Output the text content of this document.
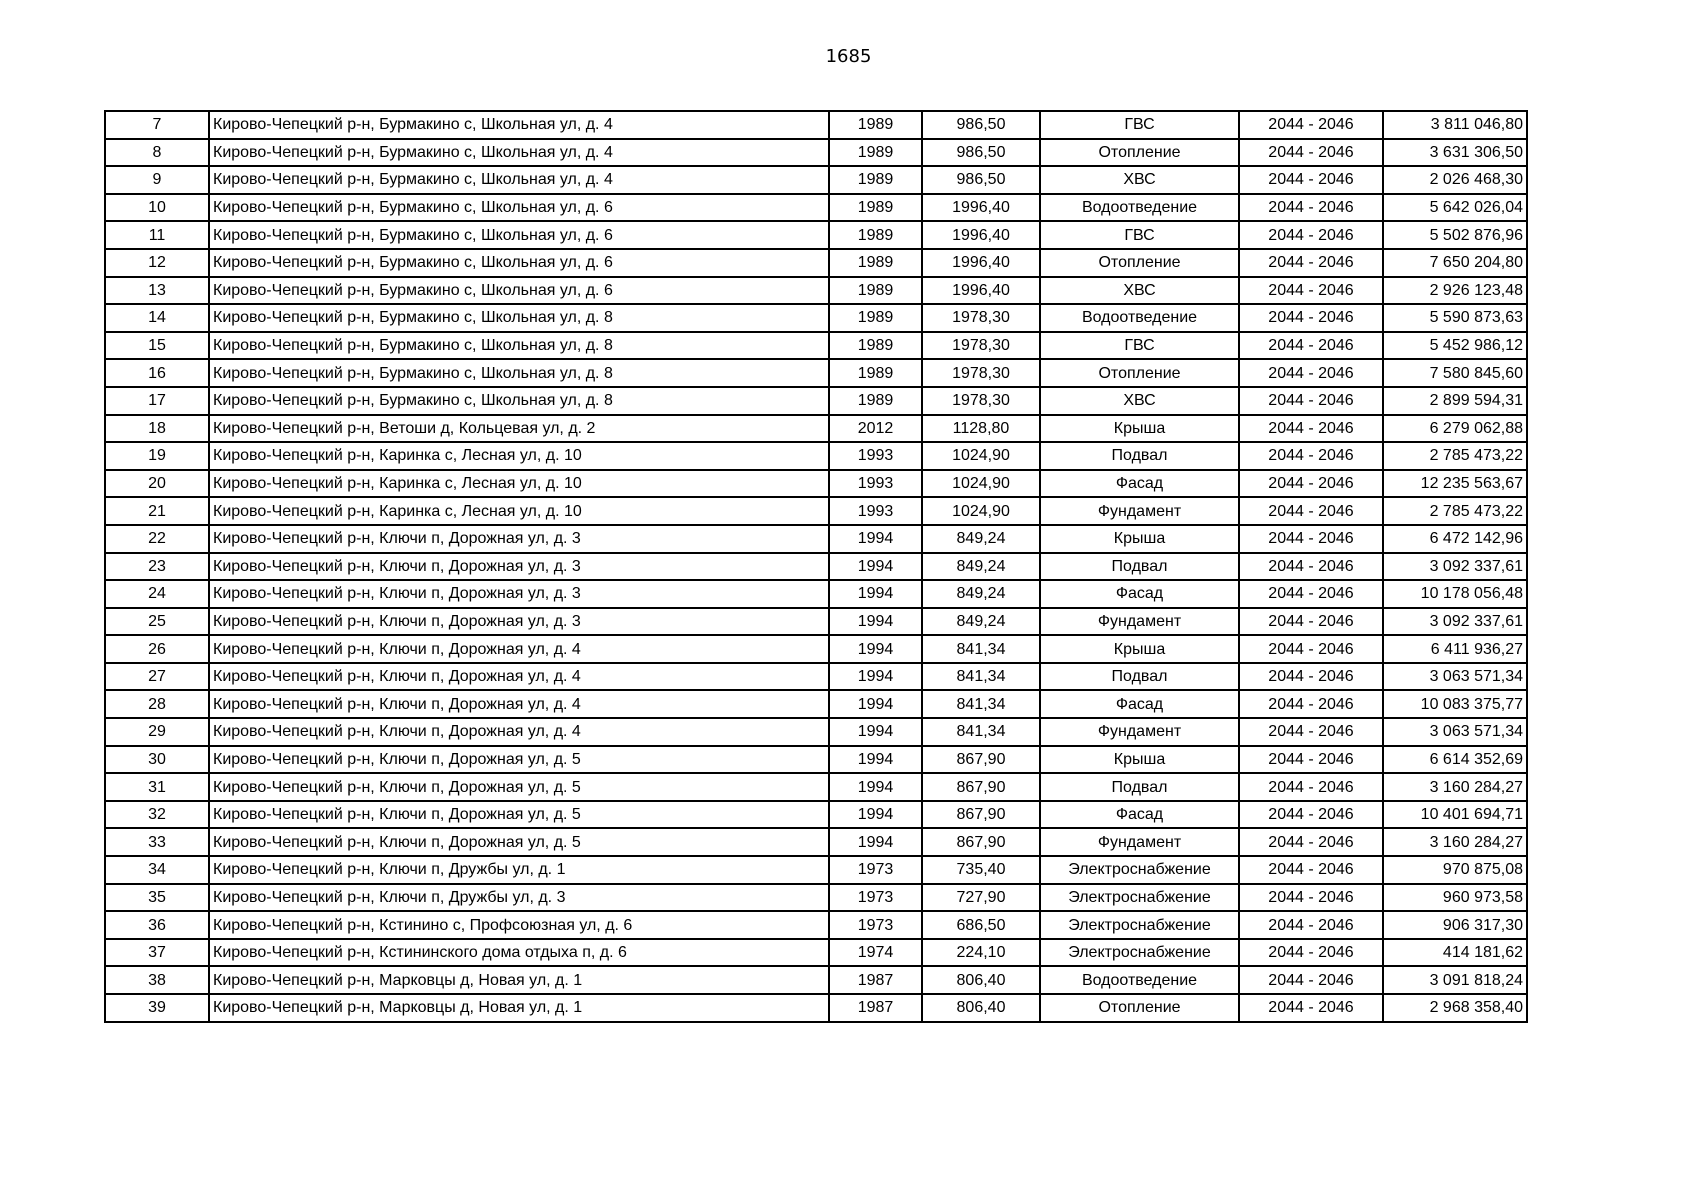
1685
7	Кирово-Чепецкий р-н, Бурмакино с, Школьная ул, д. 4	1989	986,50	ГВС	2044 - 2046	3 811 046,80
8	Кирово-Чепецкий р-н, Бурмакино с, Школьная ул, д. 4	1989	986,50	Отопление	2044 - 2046	3 631 306,50
9	Кирово-Чепецкий р-н, Бурмакино с, Школьная ул, д. 4	1989	986,50	ХВС	2044 - 2046	2 026 468,30
10	Кирово-Чепецкий р-н, Бурмакино с, Школьная ул, д. 6	1989	1996,40	Водоотведение	2044 - 2046	5 642 026,04
11	Кирово-Чепецкий р-н, Бурмакино с, Школьная ул, д. 6	1989	1996,40	ГВС	2044 - 2046	5 502 876,96
12	Кирово-Чепецкий р-н, Бурмакино с, Школьная ул, д. 6	1989	1996,40	Отопление	2044 - 2046	7 650 204,80
13	Кирово-Чепецкий р-н, Бурмакино с, Школьная ул, д. 6	1989	1996,40	ХВС	2044 - 2046	2 926 123,48
14	Кирово-Чепецкий р-н, Бурмакино с, Школьная ул, д. 8	1989	1978,30	Водоотведение	2044 - 2046	5 590 873,63
15	Кирово-Чепецкий р-н, Бурмакино с, Школьная ул, д. 8	1989	1978,30	ГВС	2044 - 2046	5 452 986,12
16	Кирово-Чепецкий р-н, Бурмакино с, Школьная ул, д. 8	1989	1978,30	Отопление	2044 - 2046	7 580 845,60
17	Кирово-Чепецкий р-н, Бурмакино с, Школьная ул, д. 8	1989	1978,30	ХВС	2044 - 2046	2 899 594,31
18	Кирово-Чепецкий р-н, Ветоши д, Кольцевая ул, д. 2	2012	1128,80	Крыша	2044 - 2046	6 279 062,88
19	Кирово-Чепецкий р-н, Каринка с, Лесная ул, д. 10	1993	1024,90	Подвал	2044 - 2046	2 785 473,22
20	Кирово-Чепецкий р-н, Каринка с, Лесная ул, д. 10	1993	1024,90	Фасад	2044 - 2046	12 235 563,67
21	Кирово-Чепецкий р-н, Каринка с, Лесная ул, д. 10	1993	1024,90	Фундамент	2044 - 2046	2 785 473,22
22	Кирово-Чепецкий р-н, Ключи п, Дорожная ул, д. 3	1994	849,24	Крыша	2044 - 2046	6 472 142,96
23	Кирово-Чепецкий р-н, Ключи п, Дорожная ул, д. 3	1994	849,24	Подвал	2044 - 2046	3 092 337,61
24	Кирово-Чепецкий р-н, Ключи п, Дорожная ул, д. 3	1994	849,24	Фасад	2044 - 2046	10 178 056,48
25	Кирово-Чепецкий р-н, Ключи п, Дорожная ул, д. 3	1994	849,24	Фундамент	2044 - 2046	3 092 337,61
26	Кирово-Чепецкий р-н, Ключи п, Дорожная ул, д. 4	1994	841,34	Крыша	2044 - 2046	6 411 936,27
27	Кирово-Чепецкий р-н, Ключи п, Дорожная ул, д. 4	1994	841,34	Подвал	2044 - 2046	3 063 571,34
28	Кирово-Чепецкий р-н, Ключи п, Дорожная ул, д. 4	1994	841,34	Фасад	2044 - 2046	10 083 375,77
29	Кирово-Чепецкий р-н, Ключи п, Дорожная ул, д. 4	1994	841,34	Фундамент	2044 - 2046	3 063 571,34
30	Кирово-Чепецкий р-н, Ключи п, Дорожная ул, д. 5	1994	867,90	Крыша	2044 - 2046	6 614 352,69
31	Кирово-Чепецкий р-н, Ключи п, Дорожная ул, д. 5	1994	867,90	Подвал	2044 - 2046	3 160 284,27
32	Кирово-Чепецкий р-н, Ключи п, Дорожная ул, д. 5	1994	867,90	Фасад	2044 - 2046	10 401 694,71
33	Кирово-Чепецкий р-н, Ключи п, Дорожная ул, д. 5	1994	867,90	Фундамент	2044 - 2046	3 160 284,27
34	Кирово-Чепецкий р-н, Ключи п, Дружбы ул, д. 1	1973	735,40	Электроснабжение	2044 - 2046	970 875,08
35	Кирово-Чепецкий р-н, Ключи п, Дружбы ул, д. 3	1973	727,90	Электроснабжение	2044 - 2046	960 973,58
36	Кирово-Чепецкий р-н, Кстинино с, Профсоюзная ул, д. 6	1973	686,50	Электроснабжение	2044 - 2046	906 317,30
37	Кирово-Чепецкий р-н, Кстининского дома отдыха п, д. 6	1974	224,10	Электроснабжение	2044 - 2046	414 181,62
38	Кирово-Чепецкий р-н, Марковцы д, Новая ул, д. 1	1987	806,40	Водоотведение	2044 - 2046	3 091 818,24
39	Кирово-Чепецкий р-н, Марковцы д, Новая ул, д. 1	1987	806,40	Отопление	2044 - 2046	2 968 358,40
